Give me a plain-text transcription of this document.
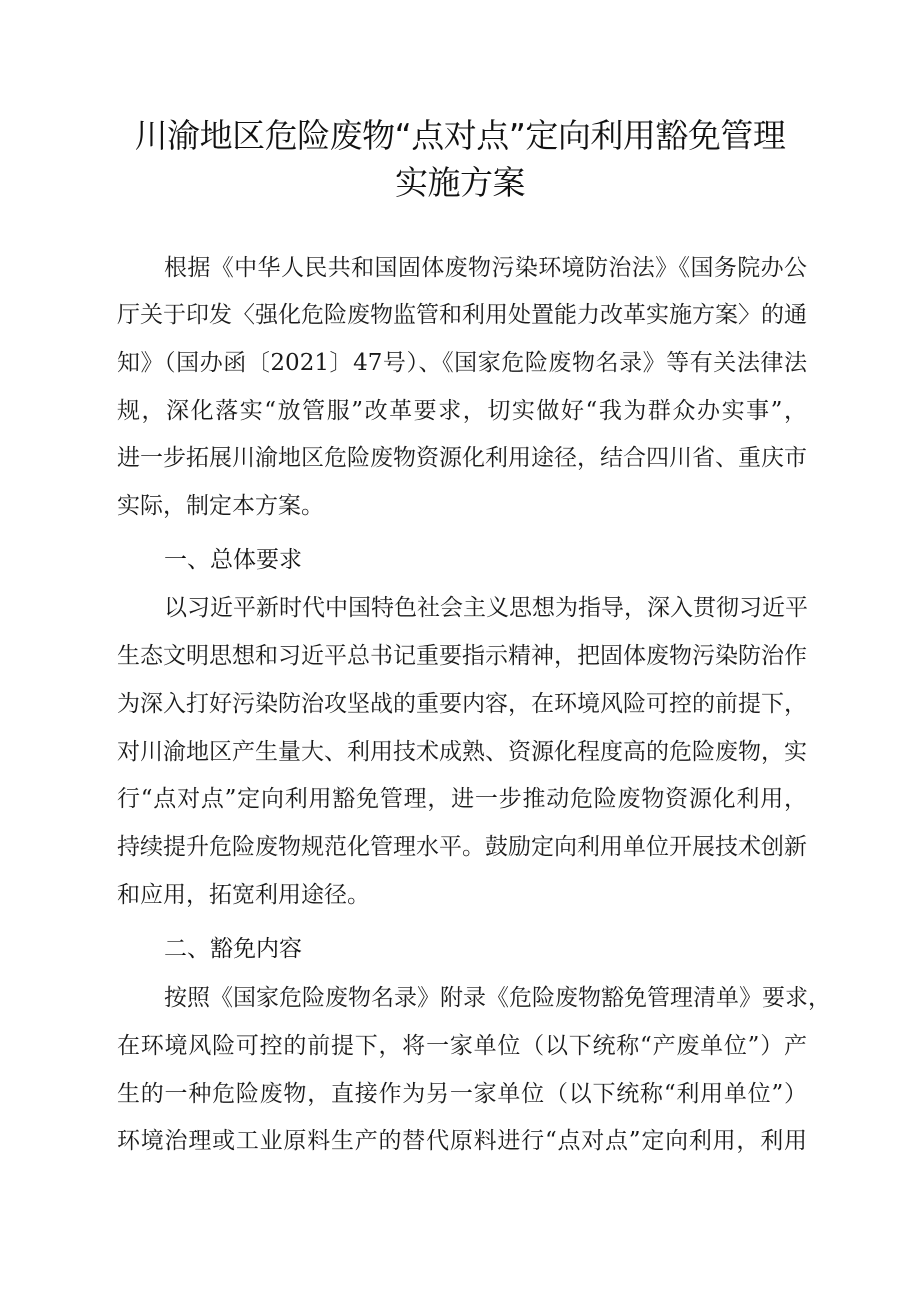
川渝地区危险废物“点对点”定向利用豁免管理
实施方案
根据《中华人民共和国固体废物污染环境防治法》《国务院办公
厅关于印发〈强化危险废物监管和利用处置能力改革实施方案〉的通
知》（国办函〔2021〕47号）、《国家危险废物名录》等有关法律法
规，深化落实“放管服”改革要求，切实做好“我为群众办实事”，
进一步拓展川渝地区危险废物资源化利用途径，结合四川省、重庆市
实际，制定本方案。
一、总体要求
以习近平新时代中国特色社会主义思想为指导，深入贯彻习近平
生态文明思想和习近平总书记重要指示精神，把固体废物污染防治作
为深入打好污染防治攻坚战的重要内容，在环境风险可控的前提下，
对川渝地区产生量大、利用技术成熟、资源化程度高的危险废物，实
行“点对点”定向利用豁免管理，进一步推动危险废物资源化利用，
持续提升危险废物规范化管理水平。鼓励定向利用单位开展技术创新
和应用，拓宽利用途径。
二、豁免内容
按照《国家危险废物名录》附录《危险废物豁免管理清单》要求，
在环境风险可控的前提下，将一家单位（以下统称“产废单位”）产
生的一种危险废物，直接作为另一家单位（以下统称“利用单位”）
环境治理或工业原料生产的替代原料进行“点对点”定向利用，利用
